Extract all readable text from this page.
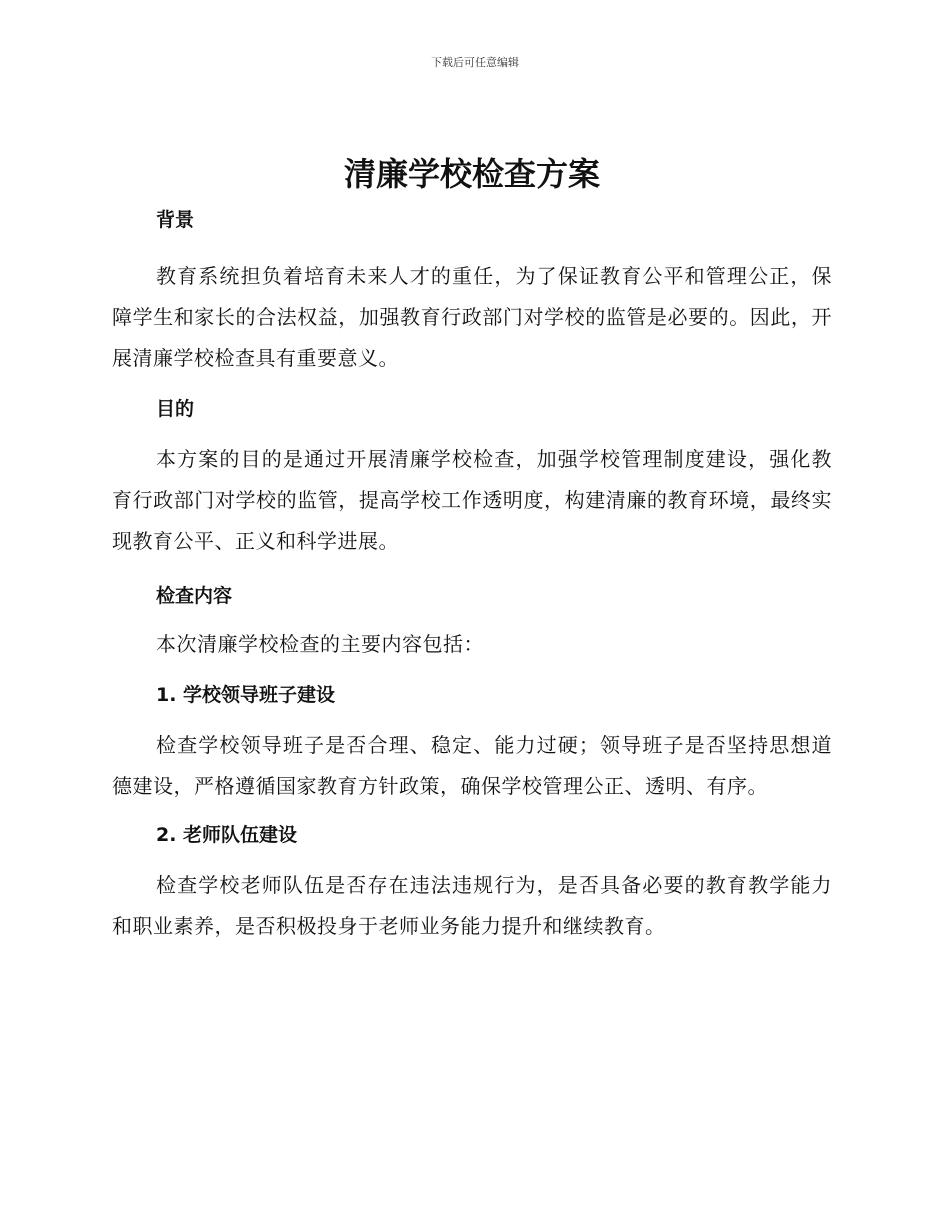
下载后可任意编辑
清廉学校检查方案
背景

教育系统担负着培育未来人才的重任，为了保证教育公平和管理公正，保障学生和家长的合法权益，加强教育行政部门对学校的监管是必要的。因此，开展清廉学校检查具有重要意义。

目的

本方案的目的是通过开展清廉学校检查，加强学校管理制度建设，强化教育行政部门对学校的监管，提高学校工作透明度，构建清廉的教育环境，最终实现教育公平、正义和科学进展。

检查内容

本次清廉学校检查的主要内容包括：

1. 学校领导班子建设

检查学校领导班子是否合理、稳定、能力过硬；领导班子是否坚持思想道德建设，严格遵循国家教育方针政策，确保学校管理公正、透明、有序。

2. 老师队伍建设

检查学校老师队伍是否存在违法违规行为，是否具备必要的教育教学能力和职业素养，是否积极投身于老师业务能力提升和继续教育。
